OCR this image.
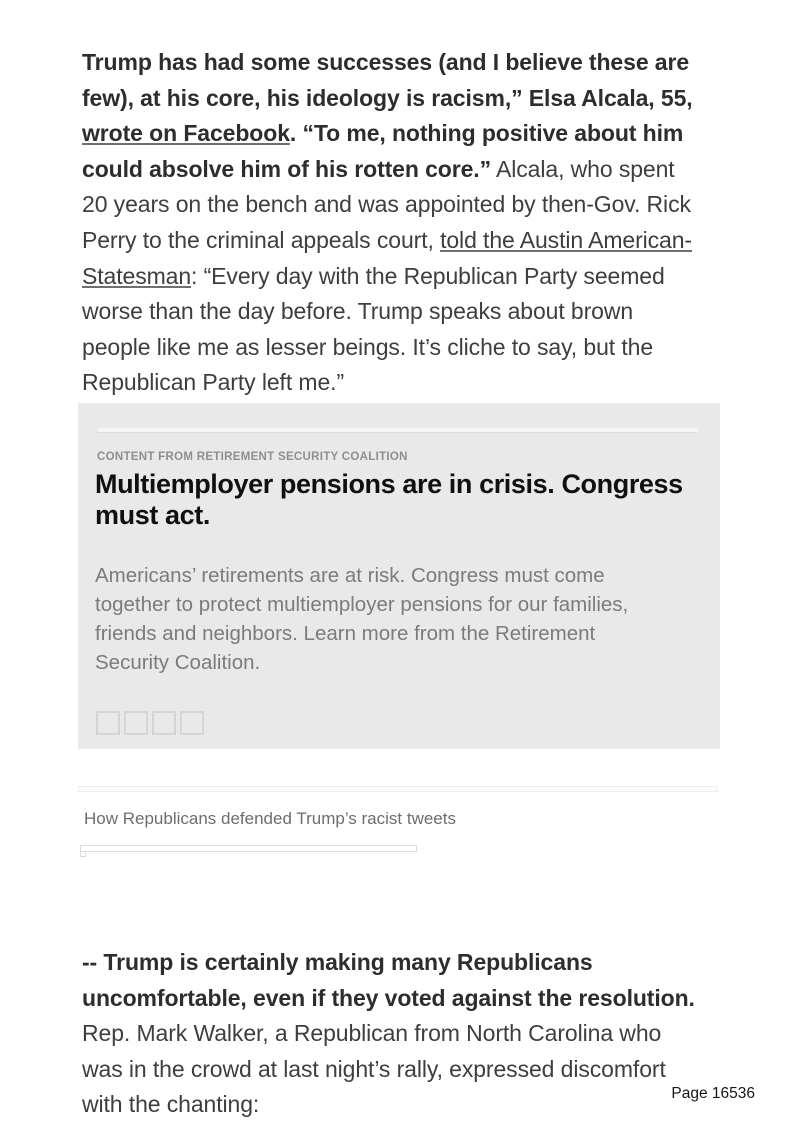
Trump has had some successes (and I believe these are few), at his core, his ideology is racism,” Elsa Alcala, 55, wrote on Facebook. “To me, nothing positive about him could absolve him of his rotten core.” Alcala, who spent 20 years on the bench and was appointed by then-Gov. Rick Perry to the criminal appeals court, told the Austin American-Statesman: “Every day with the Republican Party seemed worse than the day before. Trump speaks about brown people like me as lesser beings. It’s cliche to say, but the Republican Party left me.”

CONTENT FROM RETIREMENT SECURITY COALITION
Multiemployer pensions are in crisis. Congress must act.
Americans’ retirements are at risk. Congress must come together to protect multiemployer pensions for our families, friends and neighbors. Learn more from the Retirement Security Coalition.
How Republicans defended Trump’s racist tweets

-- Trump is certainly making many Republicans uncomfortable, even if they voted against the resolution. Rep. Mark Walker, a Republican from North Carolina who was in the crowd at last night’s rally, expressed discomfort with the chanting:	Page 16536
